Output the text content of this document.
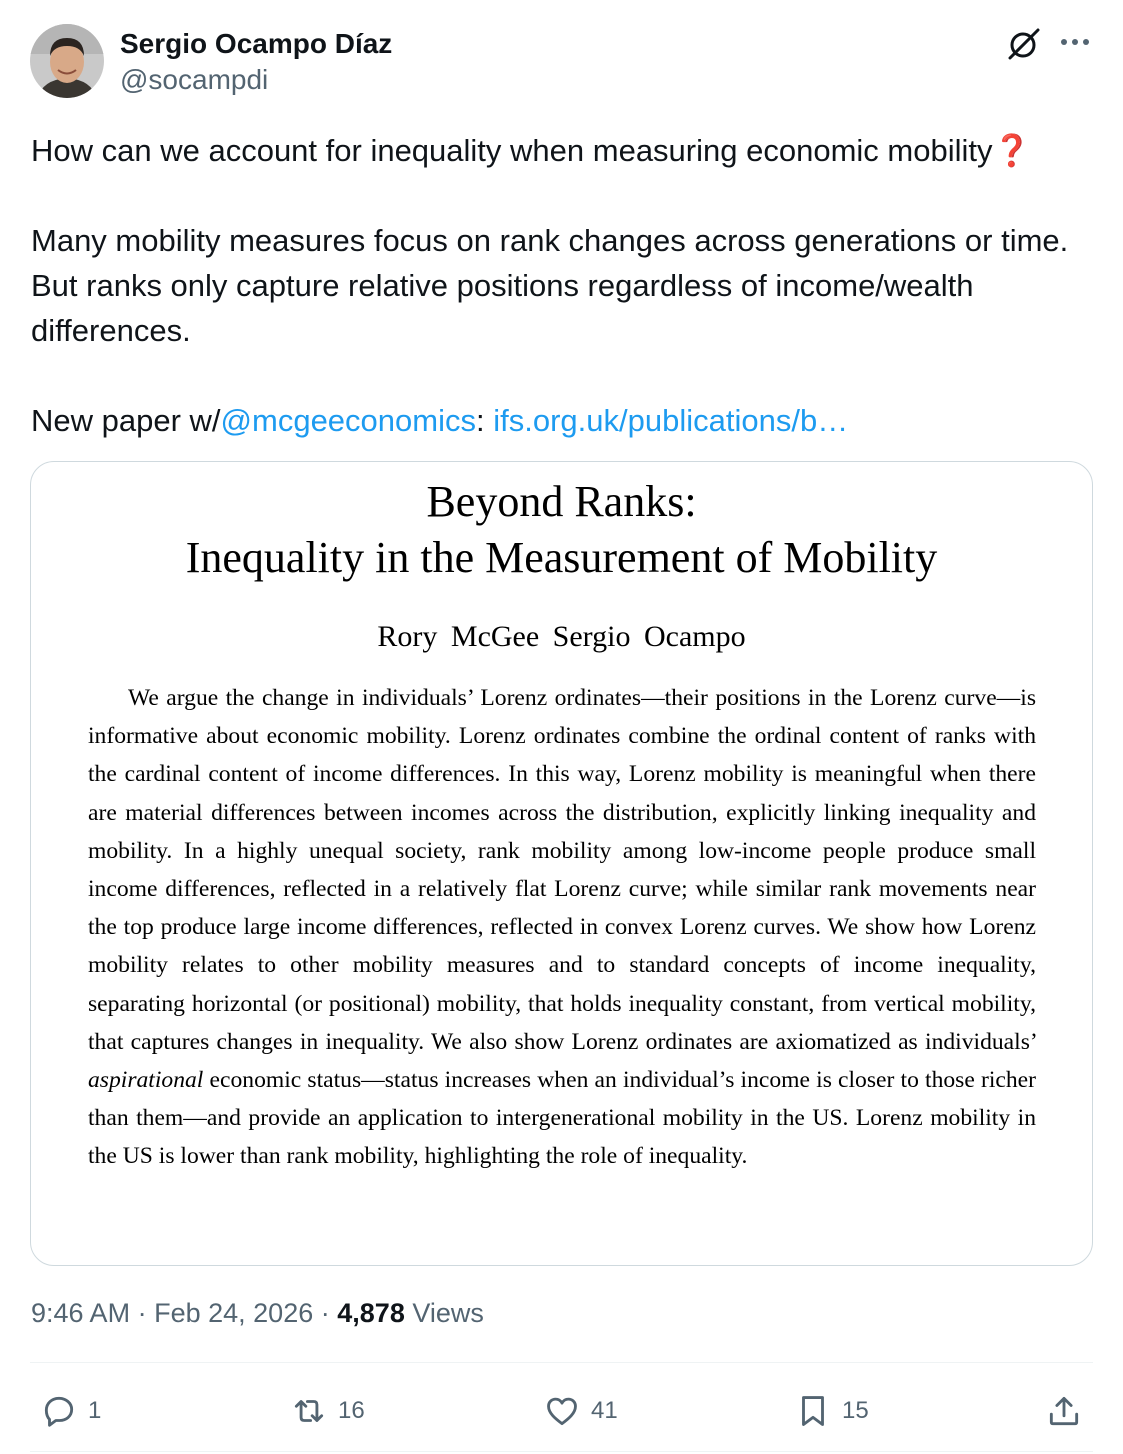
Sergio Ocampo Díaz
@socampdi

How can we account for inequality when measuring economic mobility❓

Many mobility measures focus on rank changes across generations or time. But ranks only capture relative positions regardless of income/wealth differences.

New paper w/@mcgeeconomics: ifs.org.uk/publications/b…

Beyond Ranks:
Inequality in the Measurement of Mobility
Rory McGee Sergio Ocampo
We argue the change in individuals’ Lorenz ordinates—their positions in the Lorenz curve—is informative about economic mobility. Lorenz ordinates combine the ordinal content of ranks with the cardinal content of income differences. In this way, Lorenz mobility is meaningful when there are material differences between incomes across the distribution, explicitly linking inequality and mobility. In a highly unequal society, rank mobility among low-income people produce small income differences, reflected in a relatively flat Lorenz curve; while similar rank movements near the top produce large income differences, reflected in convex Lorenz curves. We show how Lorenz mobility relates to other mobility measures and to standard concepts of income inequality, separating horizontal (or positional) mobility, that holds inequality constant, from vertical mobility, that captures changes in inequality. We also show Lorenz ordinates are axiomatized as individuals’ aspirational economic status—status increases when an individual’s income is closer to those richer than them—and provide an application to intergenerational mobility in the US. Lorenz mobility in the US is lower than rank mobility, highlighting the role of inequality.
9:46 AM · Feb 24, 2026 · 4,878 Views
1	16	41	15
